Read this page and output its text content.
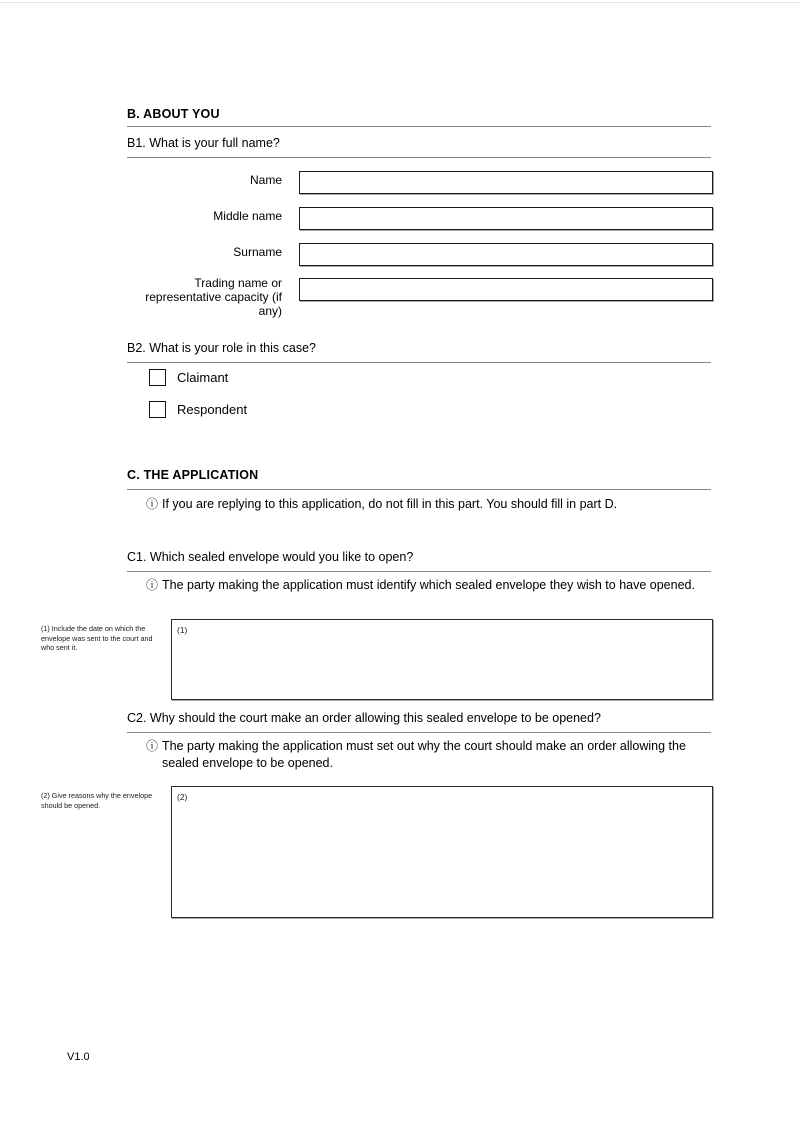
B. ABOUT YOU
B1. What is your full name?
Name
Middle name
Surname
Trading name or representative capacity (if any)
B2. What is your role in this case?
Claimant
Respondent
C. THE APPLICATION
ⓘ If you are replying to this application, do not fill in this part. You should fill in part D.
C1. Which sealed envelope would you like to open?
ⓘ The party making the application must identify which sealed envelope they wish to have opened.
(1) Include the date on which the envelope was sent to the court and who sent it.
(1)
C2. Why should the court make an order allowing this sealed envelope to be opened?
ⓘ The party making the application must set out why the court should make an order allowing the sealed envelope to be opened.
(2) Give reasons why the envelope should be opened.
(2)
V1.0
